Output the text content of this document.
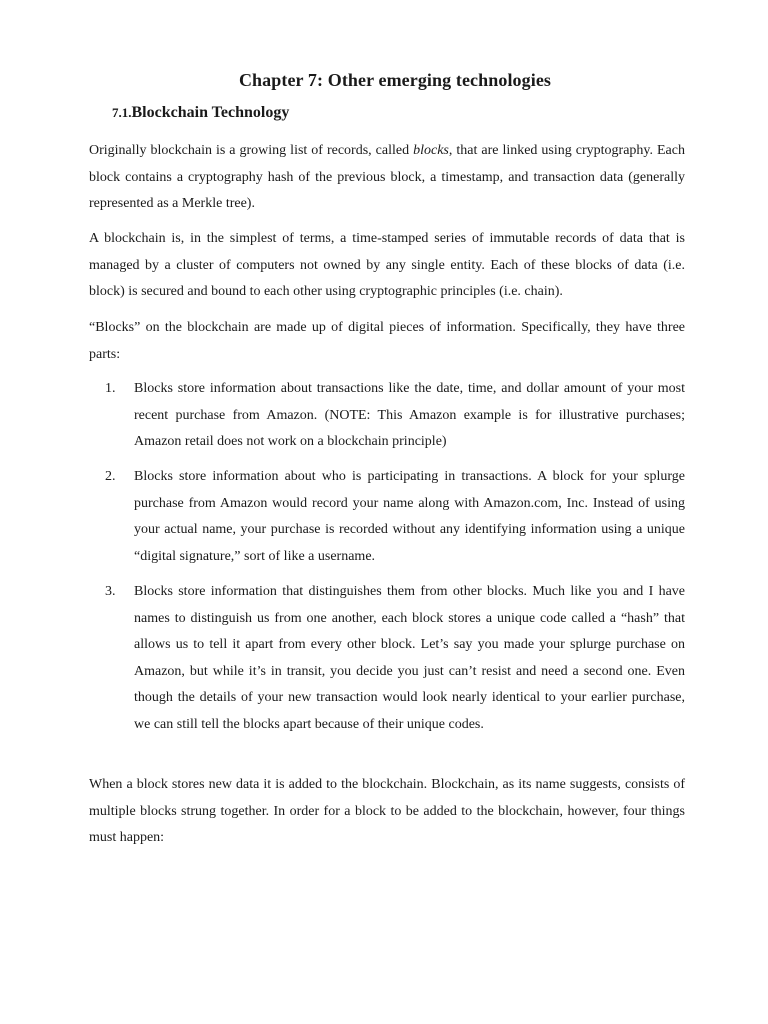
Chapter 7: Other emerging technologies
7.1.Blockchain Technology

Originally blockchain is a growing list of records, called blocks, that are linked using cryptography. Each block contains a cryptography hash of the previous block, a timestamp, and transaction data (generally represented as a Merkle tree).

A blockchain is, in the simplest of terms, a time-stamped series of immutable records of data that is managed by a cluster of computers not owned by any single entity. Each of these blocks of data (i.e. block) is secured and bound to each other using cryptographic principles (i.e. chain).

“Blocks” on the blockchain are made up of digital pieces of information. Specifically, they have three parts:

1. Blocks store information about transactions like the date, time, and dollar amount of your most recent purchase from Amazon. (NOTE: This Amazon example is for illustrative purchases; Amazon retail does not work on a blockchain principle)
2. Blocks store information about who is participating in transactions. A block for your splurge purchase from Amazon would record your name along with Amazon.com, Inc. Instead of using your actual name, your purchase is recorded without any identifying information using a unique “digital signature,” sort of like a username.
3. Blocks store information that distinguishes them from other blocks. Much like you and I have names to distinguish us from one another, each block stores a unique code called a “hash” that allows us to tell it apart from every other block. Let’s say you made your splurge purchase on Amazon, but while it’s in transit, you decide you just can’t resist and need a second one. Even though the details of your new transaction would look nearly identical to your earlier purchase, we can still tell the blocks apart because of their unique codes.

When a block stores new data it is added to the blockchain. Blockchain, as its name suggests, consists of multiple blocks strung together. In order for a block to be added to the blockchain, however, four things must happen:
